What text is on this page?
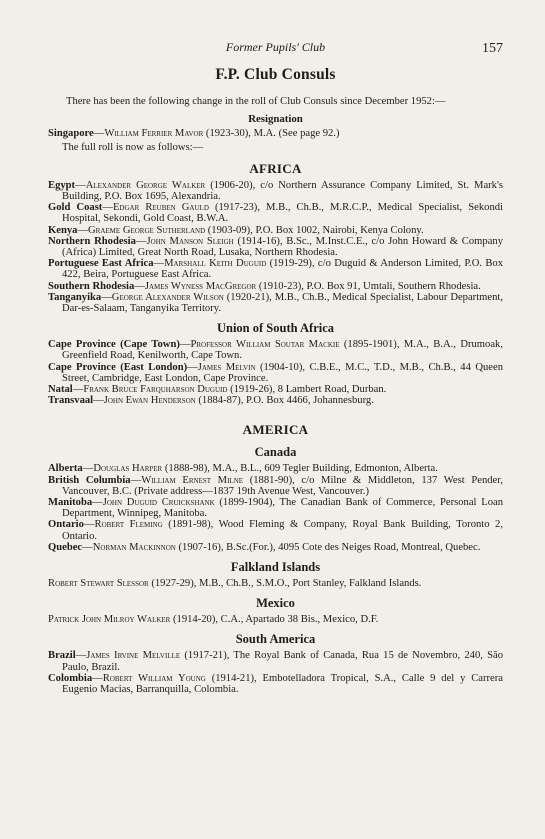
Former Pupils' Club	157
F.P. Club Consuls

There has been the following change in the roll of Club Consuls since December 1952:—

Resignation

Singapore—William Ferrier Mavor (1923-30), M.A. (See page 92.)

The full roll is now as follows:—

AFRICA

Egypt—Alexander George Walker (1906-20), c/o Northern Assurance Company Limited, St. Mark's Building, P.O. Box 1695, Alexandria.

Gold Coast—Edgar Reuben Gauld (1917-23), M.B., Ch.B., M.R.C.P., Medical Specialist, Sekondi Hospital, Sekondi, Gold Coast, B.W.A.

Kenya—Graeme George Sutherland (1903-09), P.O. Box 1002, Nairobi, Kenya Colony.

Northern Rhodesia—John Manson Sleigh (1914-16), B.Sc., M.Inst.C.E., c/o John Howard & Company (Africa) Limited, Great North Road, Lusaka, Northern Rhodesia.

Portuguese East Africa—Marshall Keith Duguid (1919-29), c/o Duguid & Anderson Limited, P.O. Box 422, Beira, Portuguese East Africa.

Southern Rhodesia—James Wyness MacGregor (1910-23), P.O. Box 91, Umtali, Southern Rhodesia.

Tanganyika—George Alexander Wilson (1920-21), M.B., Ch.B., Medical Specialist, Labour Department, Dar-es-Salaam, Tanganyika Territory.

Union of South Africa

Cape Province (Cape Town)—Professor William Soutar Mackie (1895-1901), M.A., B.A., Drumoak, Greenfield Road, Kenilworth, Cape Town.

Cape Province (East London)—James Melvin (1904-10), C.B.E., M.C., T.D., M.B., Ch.B., 44 Queen Street, Cambridge, East London, Cape Province.

Natal—Frank Bruce Farquharson Duguid (1919-26), 8 Lambert Road, Durban.

Transvaal—John Ewan Henderson (1884-87), P.O. Box 4466, Johannesburg.

AMERICA
Canada

Alberta—Douglas Harper (1888-98), M.A., B.L., 609 Tegler Building, Edmonton, Alberta.

British Columbia—William Ernest Milne (1881-90), c/o Milne & Middleton, 137 West Pender, Vancouver, B.C. (Private address—1837 19th Avenue West, Vancouver.)

Manitoba—John Duguid Cruickshank (1899-1904), The Canadian Bank of Commerce, Personal Loan Department, Winnipeg, Manitoba.

Ontario—Robert Fleming (1891-98), Wood Fleming & Company, Royal Bank Building, Toronto 2, Ontario.

Quebec—Norman Mackinnon (1907-16), B.Sc.(For.), 4095 Cote des Neiges Road, Montreal, Quebec.

Falkland Islands

Robert Stewart Slessor (1927-29), M.B., Ch.B., S.M.O., Port Stanley, Falkland Islands.

Mexico

Patrick John Milroy Walker (1914-20), C.A., Apartado 38 Bis., Mexico, D.F.

South America

Brazil—James Irvine Melville (1917-21), The Royal Bank of Canada, Rua 15 de Novembro, 240, São Paulo, Brazil.

Colombia—Robert William Young (1914-21), Embotelladora Tropical, S.A., Calle 9 del y Carrera Eugenio Macias, Barranquilla, Colombia.
